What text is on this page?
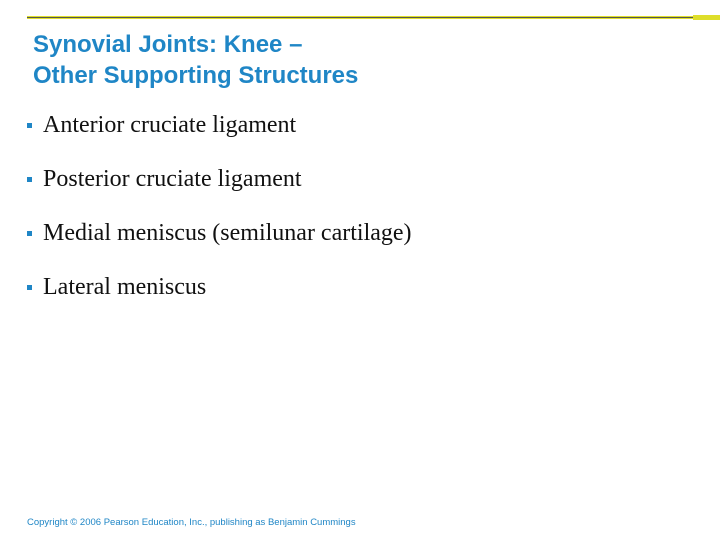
Synovial Joints: Knee –
Other Supporting Structures
Anterior cruciate ligament
Posterior cruciate ligament
Medial meniscus (semilunar cartilage)
Lateral meniscus
Copyright © 2006 Pearson Education, Inc., publishing as Benjamin Cummings
